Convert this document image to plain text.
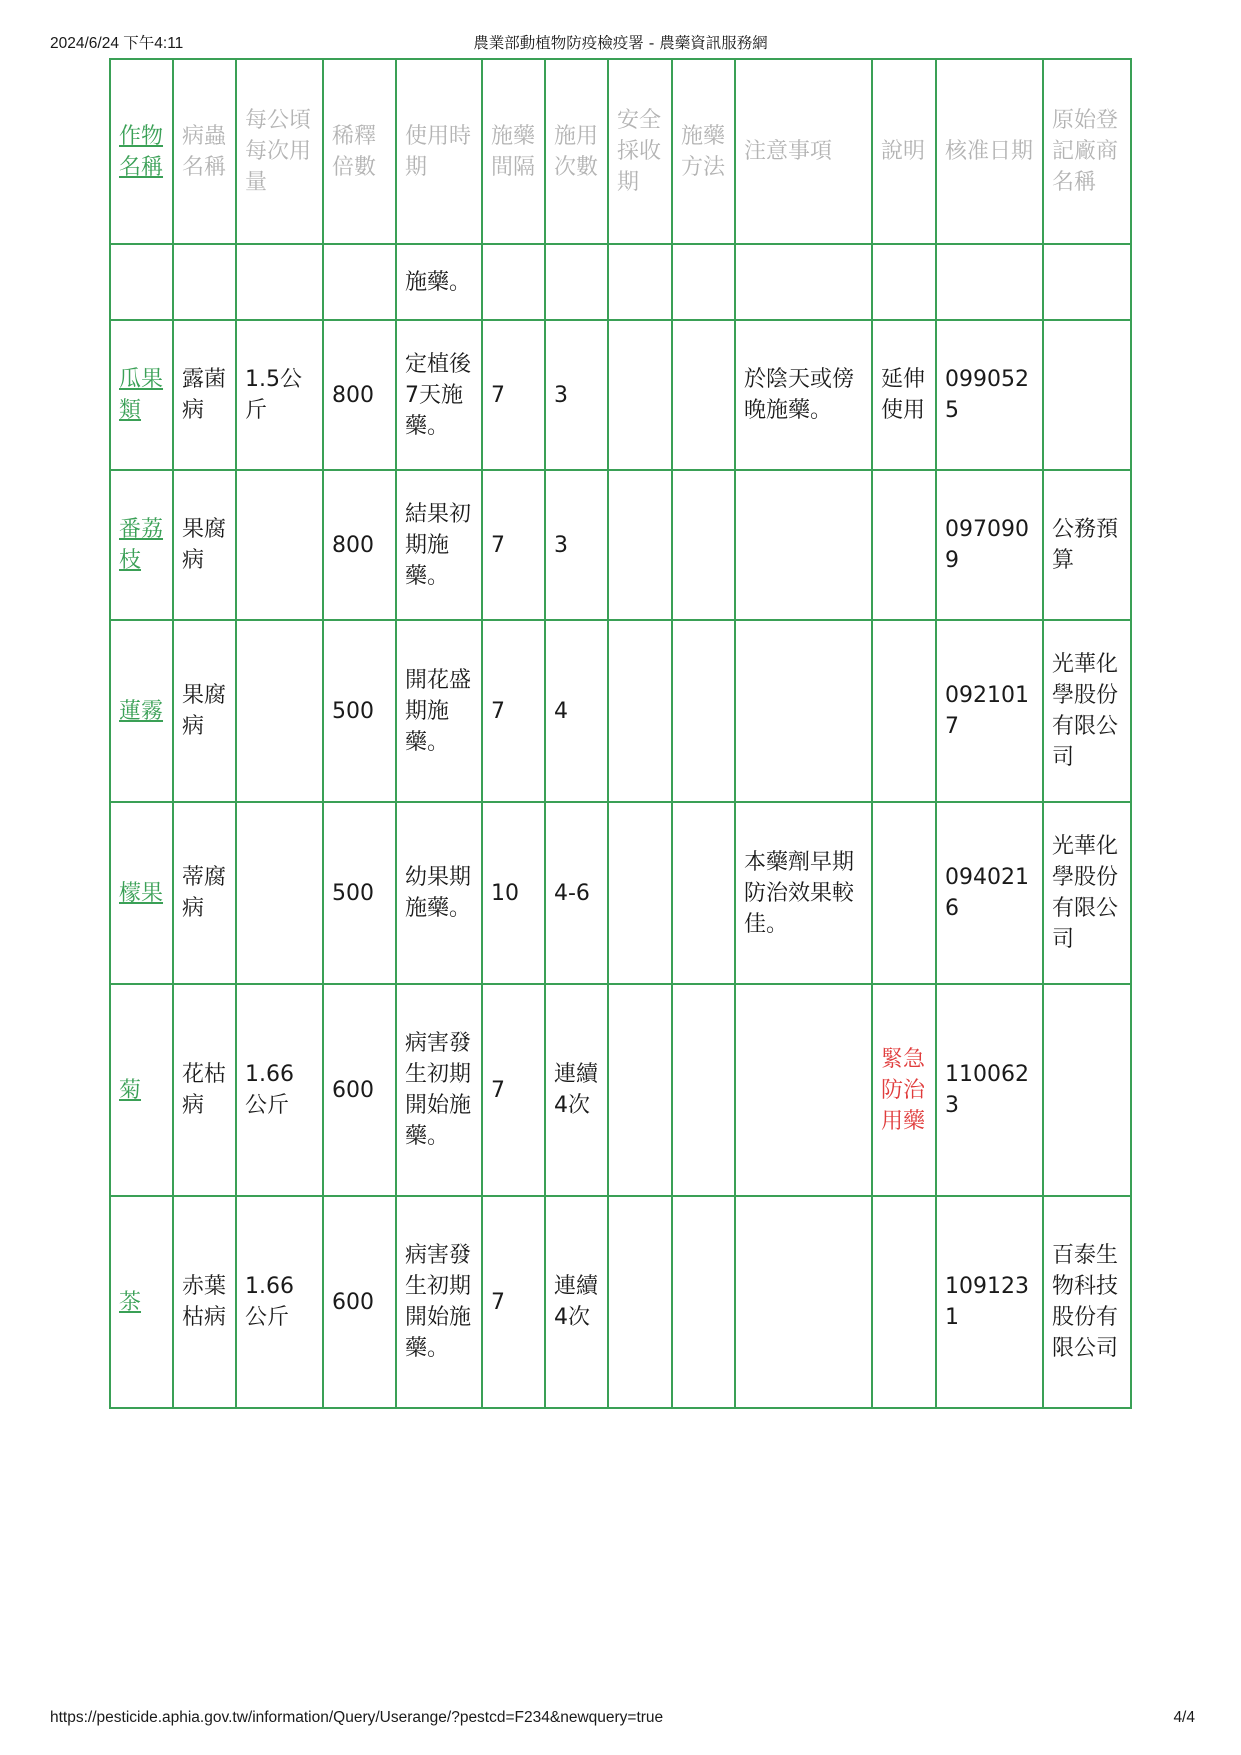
2024/6/24 下午4:11	農業部動植物防疫檢疫署 - 農藥資訊服務網
作物名稱	病蟲名稱	每公頃每次用量	稀釋倍數	使用時期	施藥間隔	施用次數	安全採收期	施藥方法	注意事項	說明	核准日期	原始登記廠商名稱
				施藥。								
瓜果類	露菌病	1.5公斤	800	定植後7天施藥。	7	3			於陰天或傍晚施藥。	延伸使用	0990525	
番荔枝	果腐病		800	結果初期施藥。	7	3					0970909	公務預算
蓮霧	果腐病		500	開花盛期施藥。	7	4					0921017	光華化學股份有限公司
檬果	蒂腐病		500	幼果期施藥。	10	4-6			本藥劑早期防治效果較佳。		0940216	光華化學股份有限公司
菊	花枯病	1.66公斤	600	病害發生初期開始施藥。	7	連續4次				緊急防治用藥	1100623	
茶	赤葉枯病	1.66公斤	600	病害發生初期開始施藥。	7	連續4次					1091231	百泰生物科技股份有限公司
https://pesticide.aphia.gov.tw/information/Query/Userange/?pestcd=F234&newquery=true	4/4
